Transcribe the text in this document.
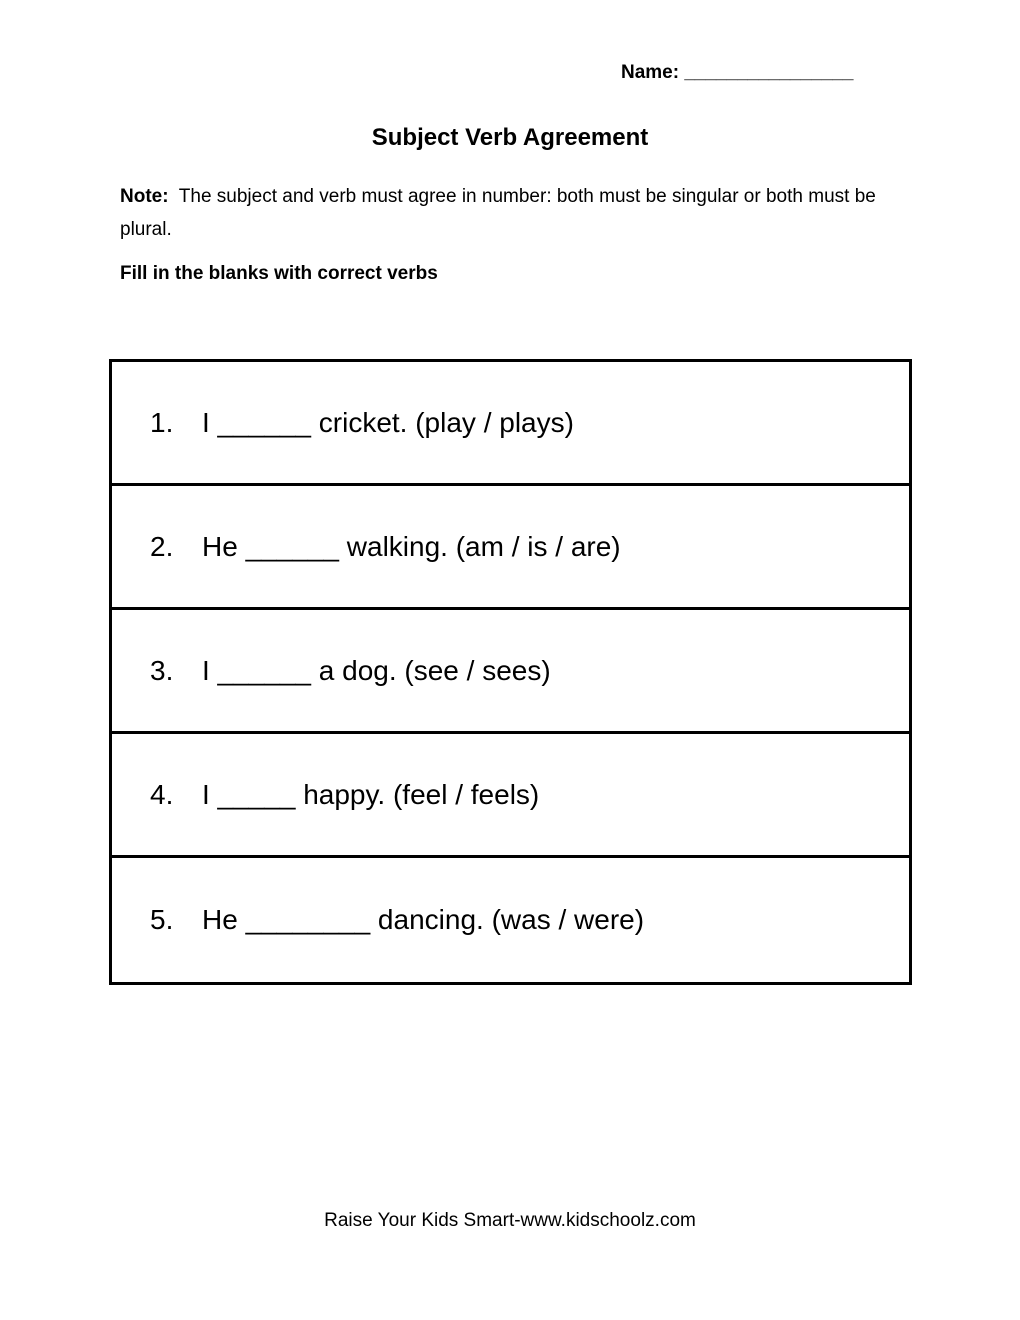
Name: ________________
Subject Verb Agreement
Note: The subject and verb must agree in number: both must be singular or both must be plural.
Fill in the blanks with correct verbs
1.	I ______ cricket. (play / plays)
2.	He ______ walking. (am / is / are)
3.	I ______ a dog. (see / sees)
4.	I _____ happy. (feel / feels)
5.	He ________ dancing. (was / were)
Raise Your Kids Smart-www.kidschoolz.com
